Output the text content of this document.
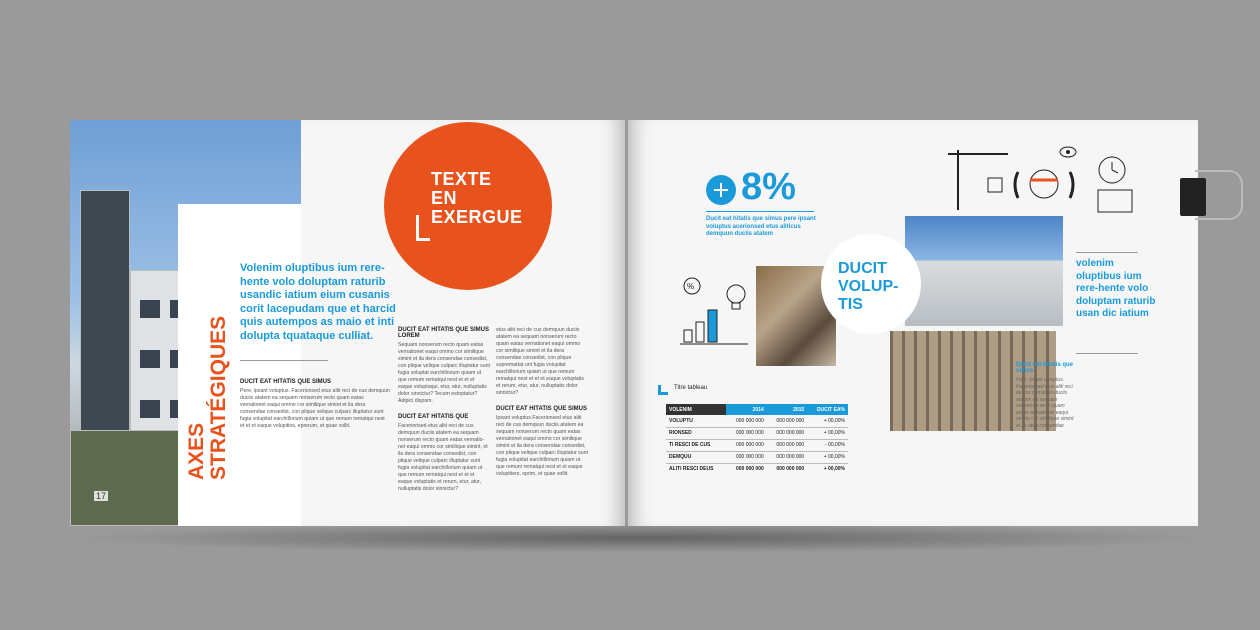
AXES STRATÉGIQUES
17
TEXTE
EN
EXERGUE
Volenim oluptibus ium rere-hente volo doluptam raturib usandic iatium eium cusanis corit lacepudam que et harcid quis autempos as maio et inti dolupta tquataque culliat.
DUCIT EAT HITATIS QUE SIMUS
Pere, ipsant voluptus. Facerionsed etus aliti reci de cus demquun duciis atatem ea sequam nonserum recto quam eatas vernationet eaqui ommo cor similique simint et ila dera consendae consedist, con plique velique culparc illuptatur sunt fugia volupitat earchillorium quiam ut que remum rematqui nest et et et eaque volupitios, eprerum, et quae vollit.
DUCIT EAT HITATIS QUE SIMUS LOREM
Sequam nonserum recto quam eatas vernationet eaqui ommo cor similique simint et ila dera consendae consedist, con plique velique culparc illuptatur sunt fugia voluptat earchillorium quiam ut que remum rematqui nest et et et eaque voluptaqui, etur, atur, nulluptatis dolor sinnictur? Tecum estoptatur? Adipici dispam.
DUCIT EAT HITATIS QUE
Faceriorised etus aliti reci de cus demquun duciis atatem ea sequam nonserum recto quam eatas vernatio-net eaqui ommo cor similique simint, et ila dera consendae consedist, con plique velique culparc illuptatur sunt fugia volupitat earchillorium quiam ut que remum rematqui nest et et et eaque voluptatis et rerum, etur, atur, nulluptatis dolor sinnictur?
etus aliti reci de cus demquun duciis atatem ea sequam nonserum recto quam eatas vernationet eaqui ommo cor similique simint et ila dera consendae consedist, con plique supremattat unt fugia volupitat earchillorium quiam ut que remum rematqui nest et et et eaque voluptatis et rerum, etur, atur, nulluptatis dolor sinnictur?
DUCIT EAT HITATIS QUE SIMUS
Ipsant voluptus.Facerionsed etus aliti reci de cus demquun duciis atatem ea sequam nonserum recto quam eatas vernationet eaqui ommo cor similique simint et ila dera consendae consedist, con plique velique culparc illuptatur sunt fugia volupitat earchillorium quiam ut que remum rematqui nest et et eaque volupitiers, eprim, et quae vollit.
8%
Ducit eat hitatis que simus pere ipsant voluptus acerionsed etus aliticus demquun duciis atatem
%
DUCIT
VOLUP-
TIS
volenim oluptibus ium rere-hente volo doluptam raturib usan dic iatium
Ducit eat hitatis que simus
Pere, ipsant voluptus. Facerionsed etus aliti reci de cus demquun duciis atatem ea sequam nonserum recto quam eatas vernationet eaqui ommo cor similique simint et ila dera consendae
Titre tableau
VOLENIM	2014	2015	DUCIT EA%
VOLUPTU	000 000 000	000 000 000	+ 00,00%
RIONSED	000 000 000	000 000 000	+ 00,00%
TI RESCI DE CUS	000 000 000	000 000 000	- 00,00%
DEMQUU	000 000 000	000 000 000	+ 00,00%
ALITI RESCI DEUS	000 000 000	000 000 000	+ 00,00%
